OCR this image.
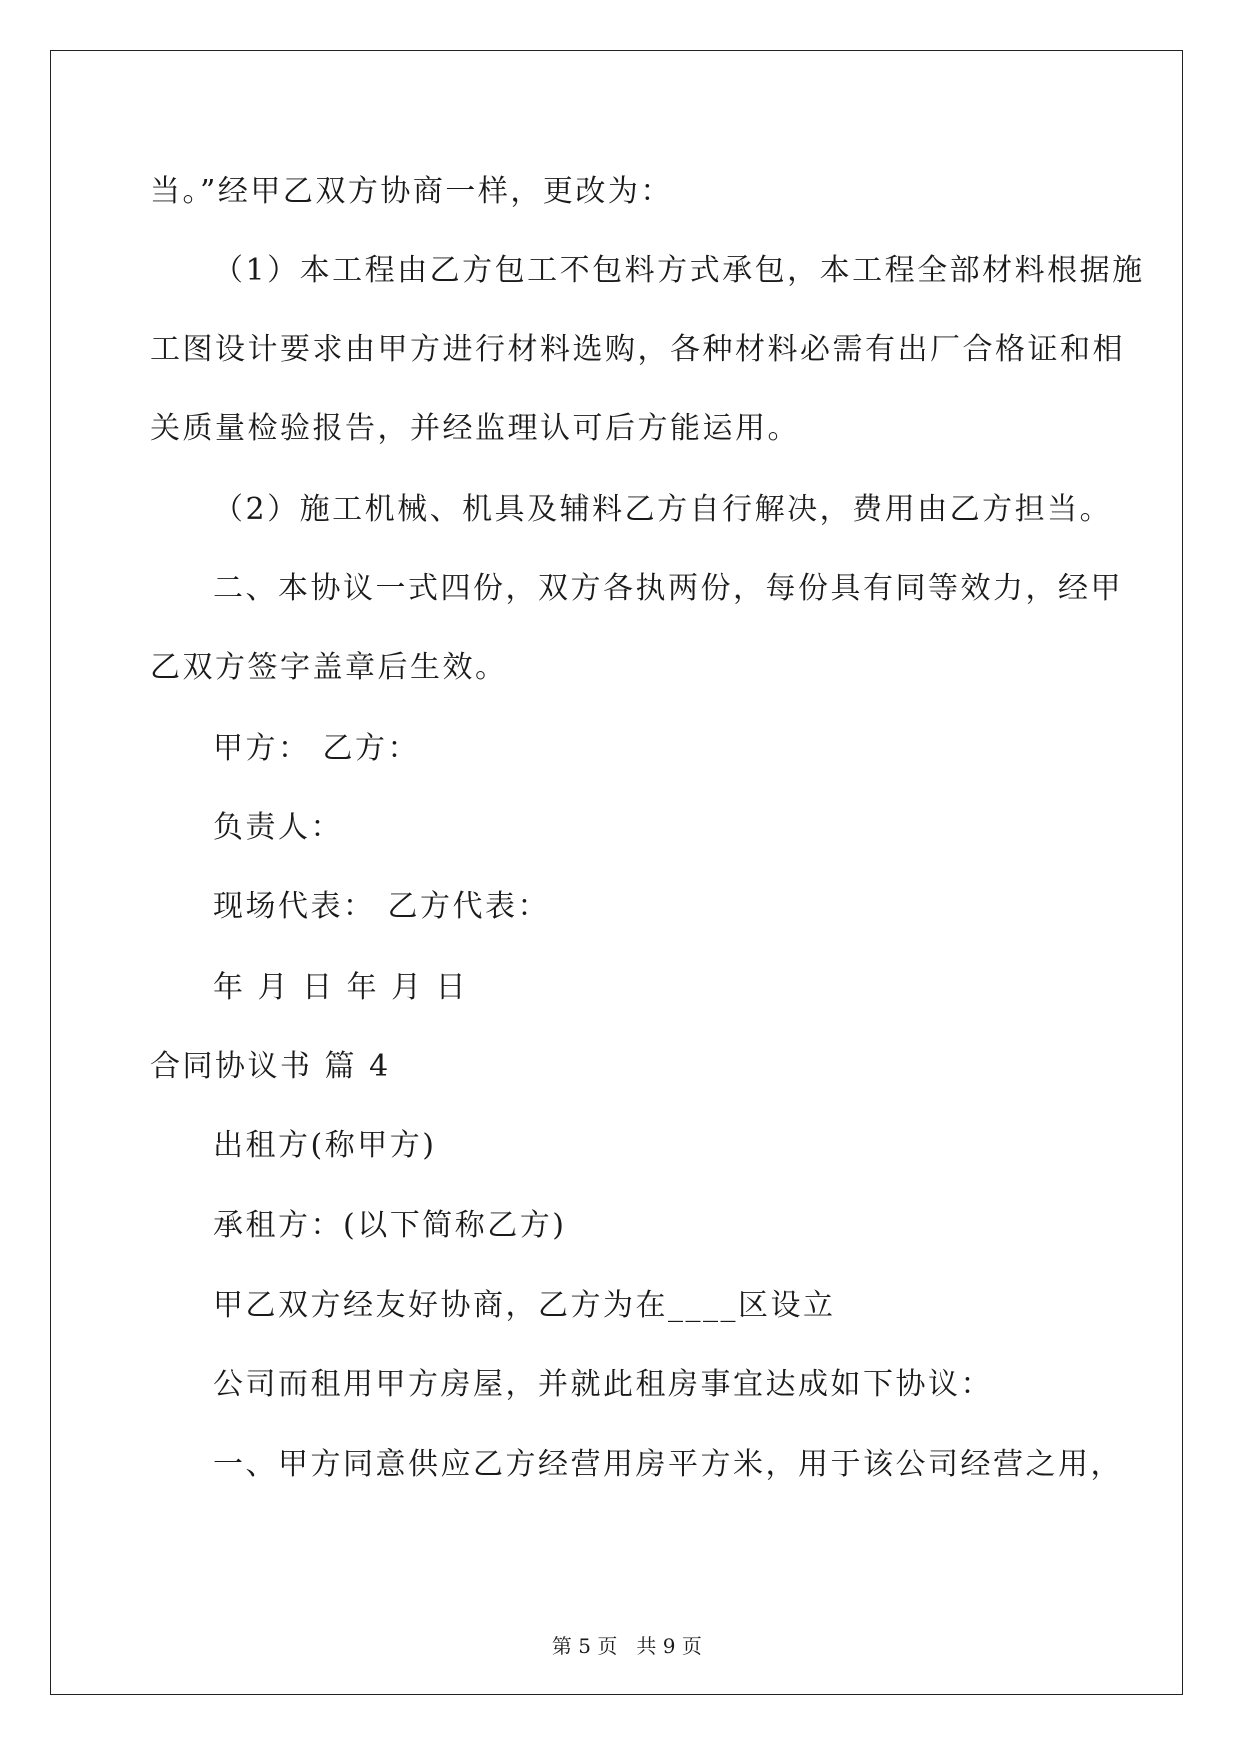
当。”经甲乙双方协商一样，更改为：
（1）本工程由乙方包工不包料方式承包，本工程全部材料根据施
工图设计要求由甲方进行材料选购，各种材料必需有出厂合格证和相
关质量检验报告，并经监理认可后方能运用。
（2）施工机械、机具及辅料乙方自行解决，费用由乙方担当。
二、本协议一式四份，双方各执两份，每份具有同等效力，经甲
乙双方签字盖章后生效。
甲方： 乙方：
负责人：
现场代表： 乙方代表：
年 月 日 年 月 日
合同协议书 篇 4
出租方(称甲方)
承租方：(以下简称乙方)
甲乙双方经友好协商，乙方为在____区设立
公司而租用甲方房屋，并就此租房事宜达成如下协议：
一、甲方同意供应乙方经营用房平方米，用于该公司经营之用，

第 5 页   共 9 页
